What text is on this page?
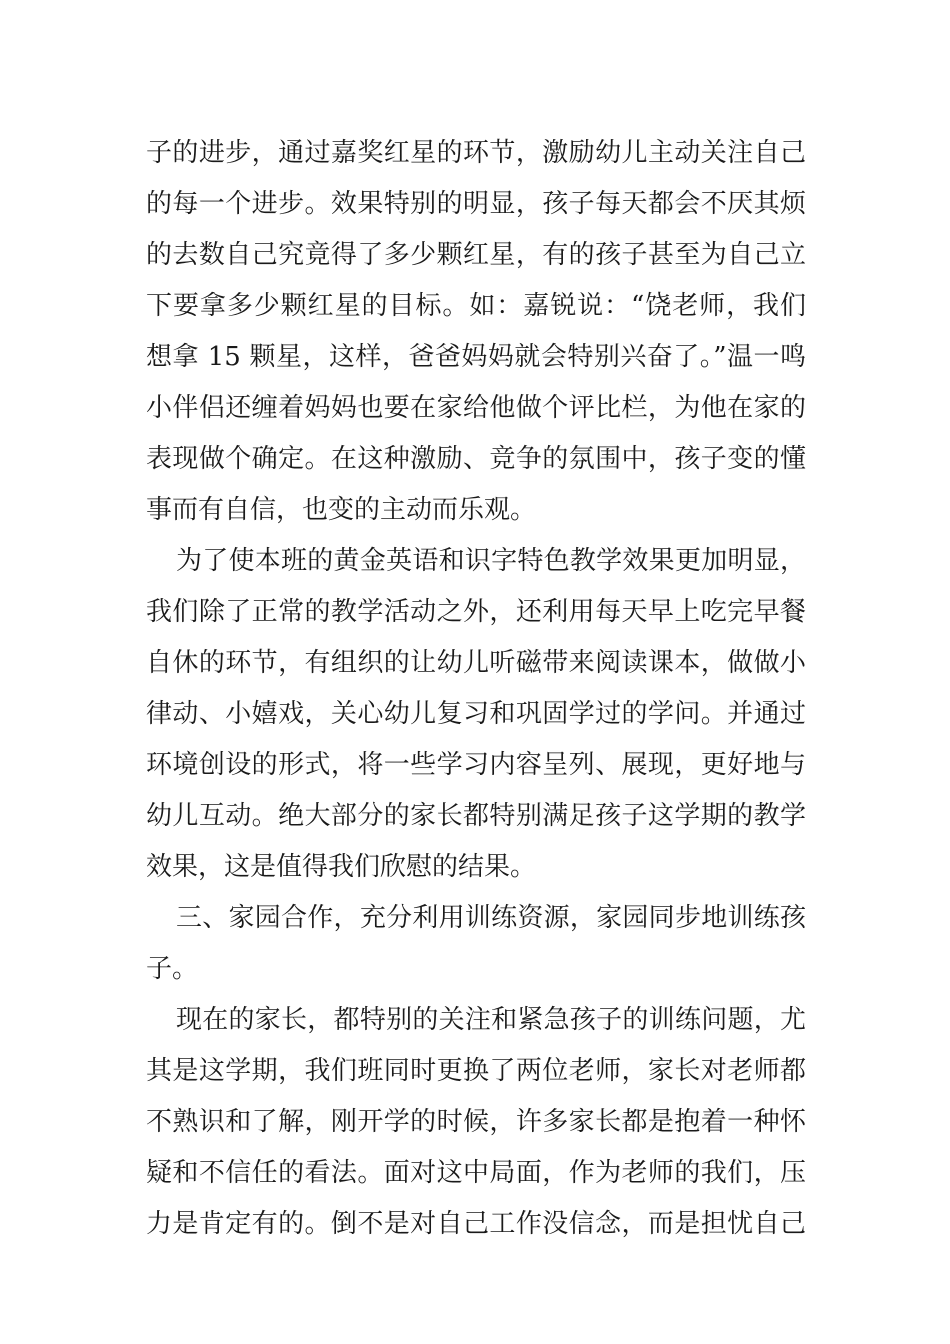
子的进步，通过嘉奖红星的环节，激励幼儿主动关注自己
的每一个进步。效果特别的明显，孩子每天都会不厌其烦
的去数自己究竟得了多少颗红星，有的孩子甚至为自己立
下要拿多少颗红星的目标。如：嘉锐说：“饶老师，我们
想拿 15 颗星，这样，爸爸妈妈就会特别兴奋了。”温一鸣
小伴侣还缠着妈妈也要在家给他做个评比栏，为他在家的
表现做个确定。在这种激励、竞争的氛围中，孩子变的懂
事而有自信，也变的主动而乐观。
为了使本班的黄金英语和识字特色教学效果更加明显，
我们除了正常的教学活动之外，还利用每天早上吃完早餐
自休的环节，有组织的让幼儿听磁带来阅读课本，做做小
律动、小嬉戏，关心幼儿复习和巩固学过的学问。并通过
环境创设的形式，将一些学习内容呈列、展现，更好地与
幼儿互动。绝大部分的家长都特别满足孩子这学期的教学
效果，这是值得我们欣慰的结果。
三、家园合作，充分利用训练资源，家园同步地训练孩
子。
现在的家长，都特别的关注和紧急孩子的训练问题，尤
其是这学期，我们班同时更换了两位老师，家长对老师都
不熟识和了解，刚开学的时候，许多家长都是抱着一种怀
疑和不信任的看法。面对这中局面，作为老师的我们，压
力是肯定有的。倒不是对自己工作没信念，而是担忧自己
